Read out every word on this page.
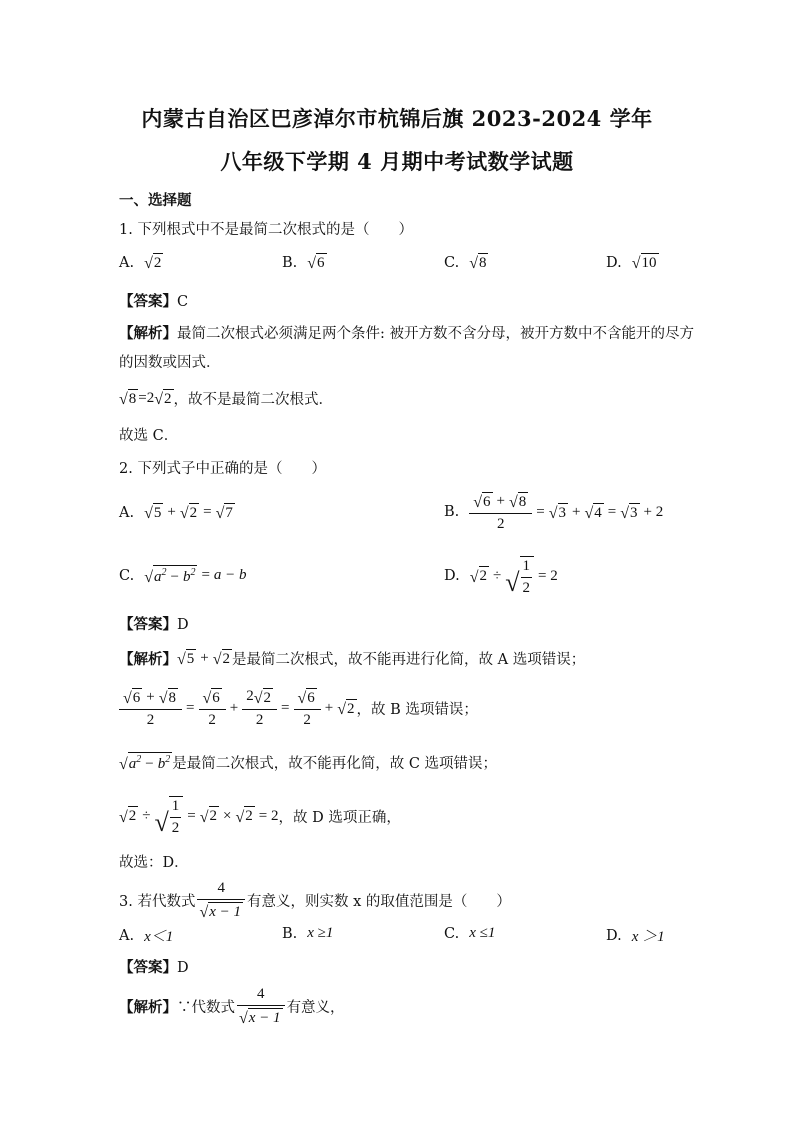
内蒙古自治区巴彦淖尔市杭锦后旗 2023-2024 学年
八年级下学期 4 月期中考试数学试题
一、选择题
1. 下列根式中不是最简二次根式的是（　　）
A. √ 2	B. √ 6	C. √ 8	D. √ 10
【答案】C
【解析】最简二次根式必须满足两个条件: 被开方数不含分母，被开方数中不含能开的尽方
的因数或因式．
√ 8 =2 √ 2 ，故不是最简二次根式．
故选 C．
2. 下列式子中正确的是（　　）
A. √ 5 + √ 2 = √ 7	B. $\frac{√ 6 + √ 8}{2}$ = √ 3 + √ 4 = √ 3 + 2
C. √ $a^2 - b^2 = a - b$	D. √ 2 ÷ √ $\frac{1}{2} = 2$
【答案】D
【解析】 √ 5 + √ 2 是最简二次根式，故不能再进行化简，故 A 选项错误；
$\frac{√ 6 + √ 8}{2} = \frac{√ 6}{2} + \frac{2 √ 2}{2} = \frac{√ 6}{2}$ + √ 2 ，故 B 选项错误；
√ $a^2 - b^2$ 是最简二次根式，故不能再化简，故 C 选项错误；
√ 2 ÷ √ $\frac{1}{2}$ = √ 2 × √ 2 = 2 ，故 D 选项正确，
故选：D．
3. 若代数式 $\frac{4}{√ x - 1}$ 有意义，则实数 x 的取值范围是（　　）
A. x＜1	B. x ≥1	C. x ≤1	D. x ＞1
【答案】D
【解析】 ∵代数式 $\frac{4}{√ x - 1}$ 有意义，
